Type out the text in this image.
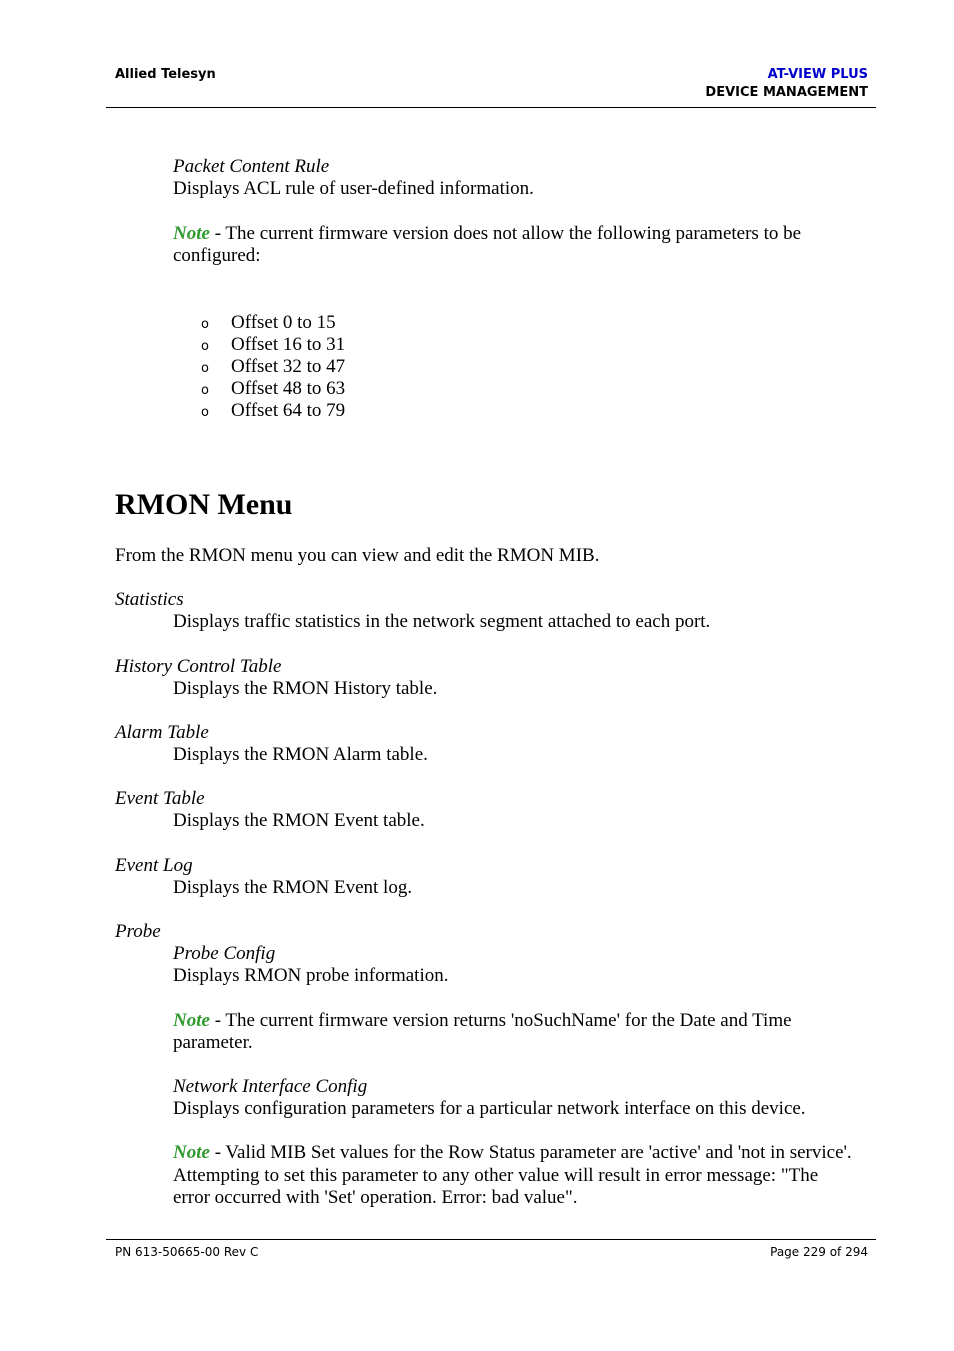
Allied Telesyn	AT-VIEW PLUS
DEVICE MANAGEMENT
Packet Content Rule
Displays ACL rule of user-defined information.
Note - The current firmware version does not allow the following parameters to be
configured:
o Offset 0 to 15
o Offset 16 to 31
o Offset 32 to 47
o Offset 48 to 63
o Offset 64 to 79
RMON Menu
From the RMON menu you can view and edit the RMON MIB.
Statistics
Displays traffic statistics in the network segment attached to each port.
History Control Table
Displays the RMON History table.
Alarm Table
Displays the RMON Alarm table.
Event Table
Displays the RMON Event table.
Event Log
Displays the RMON Event log.
Probe
Probe Config
Displays RMON probe information.
Note - The current firmware version returns 'noSuchName' for the Date and Time
parameter.
Network Interface Config
Displays configuration parameters for a particular network interface on this device.
Note - Valid MIB Set values for the Row Status parameter are 'active' and 'not in service'.
Attempting to set this parameter to any other value will result in error message: "The
error occurred with 'Set' operation. Error: bad value".
PN 613-50665-00 Rev C	Page 229 of 294
